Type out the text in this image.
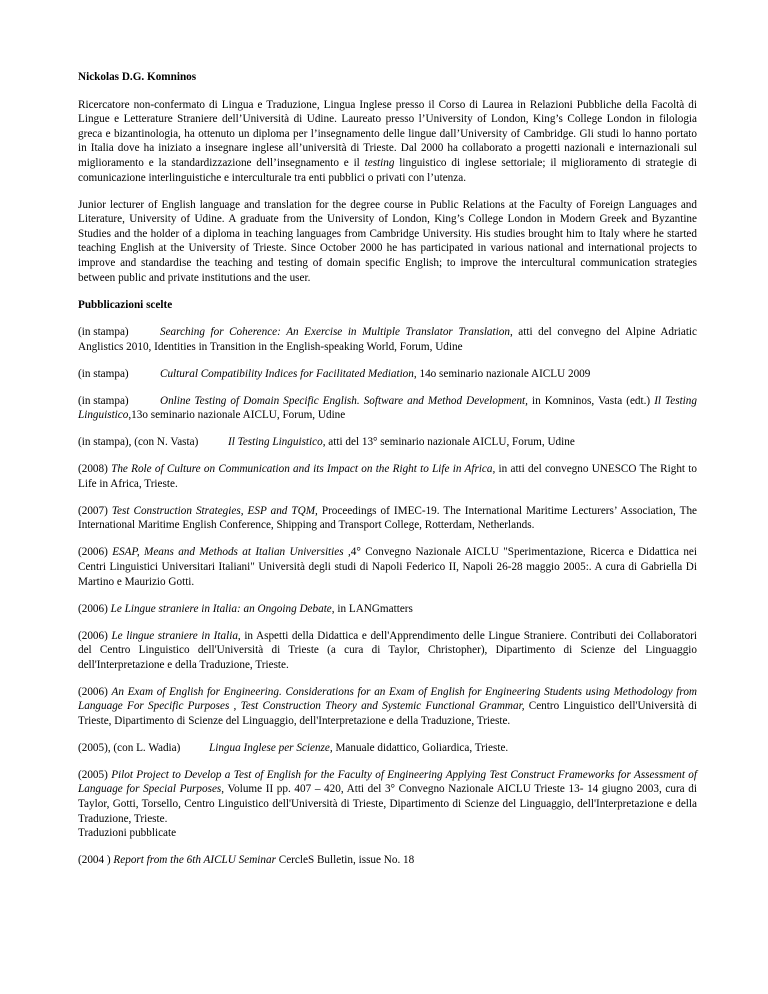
Nickolas D.G. Komninos

Ricercatore non-confermato di Lingua e Traduzione, Lingua Inglese presso il Corso di Laurea in Relazioni Pubbliche della Facoltà di Lingue e Letterature Straniere dell’Università di Udine. Laureato presso l’University of London, King’s College London in filologia greca e bizantinologia, ha ottenuto un diploma per l’insegnamento delle lingue dall’University of Cambridge. Gli studi lo hanno portato in Italia dove ha iniziato a insegnare inglese all’università di Trieste. Dal 2000 ha collaborato a progetti nazionali e internazionali sul miglioramento e la standardizzazione dell’insegnamento e il testing linguistico di inglese settoriale; il miglioramento di strategie di comunicazione interlinguistiche e interculturale tra enti pubblici o privati con l’utenza.

Junior lecturer of English language and translation for the degree course in Public Relations at the Faculty of Foreign Languages and Literature, University of Udine. A graduate from the University of London, King’s College London in Modern Greek and Byzantine Studies and the holder of a diploma in teaching languages from Cambridge University. His studies brought him to Italy where he started teaching English at the University of Trieste. Since October 2000 he has participated in various national and international projects to improve and standardise the teaching and testing of domain specific English; to improve the intercultural communication strategies between public and private institutions and the user.

Pubblicazioni scelte

(in stampa)	Searching for Coherence: An Exercise in Multiple Translator Translation, atti del convegno del Alpine Adriatic Anglistics 2010, Identities in Transition in the English-speaking World, Forum, Udine

(in stampa)	Cultural Compatibility Indices for Facilitated Mediation, 14o seminario nazionale AICLU 2009

(in stampa)	Online Testing of Domain Specific English. Software and Method Development, in Komninos, Vasta (edt.) Il Testing Linguistico,13o seminario nazionale AICLU, Forum, Udine

(in stampa), (con N. Vasta)	Il Testing Linguistico, atti del 13° seminario nazionale AICLU, Forum, Udine

(2008) The Role of Culture on Communication and its Impact on the Right to Life in Africa, in atti del convegno UNESCO The Right to Life in Africa, Trieste.

(2007) Test Construction Strategies, ESP and TQM, Proceedings of IMEC-19. The International Maritime Lecturers’ Association, The International Maritime English Conference, Shipping and Transport College, Rotterdam, Netherlands.

(2006) ESAP, Means and Methods at Italian Universities ,4° Convegno Nazionale AICLU "Sperimentazione, Ricerca e Didattica nei Centri Linguistici Universitari Italiani" Università degli studi di Napoli Federico II, Napoli 26-28 maggio 2005:. A cura di Gabriella Di Martino e Maurizio Gotti.

(2006) Le Lingue straniere in Italia: an Ongoing Debate, in LANGmatters

(2006) Le lingue straniere in Italia, in Aspetti della Didattica e dell'Apprendimento delle Lingue Straniere. Contributi dei Collaboratori del Centro Linguistico dell'Università di Trieste (a cura di Taylor, Christopher), Dipartimento di Scienze del Linguaggio dell'Interpretazione e della Traduzione, Trieste.

(2006) An Exam of English for Engineering. Considerations for an Exam of English for Engineering Students using Methodology from Language For Specific Purposes , Test Construction Theory and Systemic Functional Grammar, Centro Linguistico dell'Università di Trieste, Dipartimento di Scienze del Linguaggio, dell'Interpretazione e della Traduzione, Trieste.

(2005), (con L. Wadia)	Lingua Inglese per Scienze, Manuale didattico, Goliardica, Trieste.

(2005) Pilot Project to Develop a Test of English for the Faculty of Engineering Applying Test Construct Frameworks for Assessment of Language for Special Purposes, Volume II pp. 407 – 420, Atti del 3° Convegno Nazionale AICLU Trieste 13- 14 giugno 2003, cura di Taylor, Gotti, Torsello, Centro Linguistico dell'Università di Trieste, Dipartimento di Scienze del Linguaggio, dell'Interpretazione e della Traduzione, Trieste.
Traduzioni pubblicate

(2004 ) Report from the 6th AICLU Seminar CercleS Bulletin, issue No. 18
